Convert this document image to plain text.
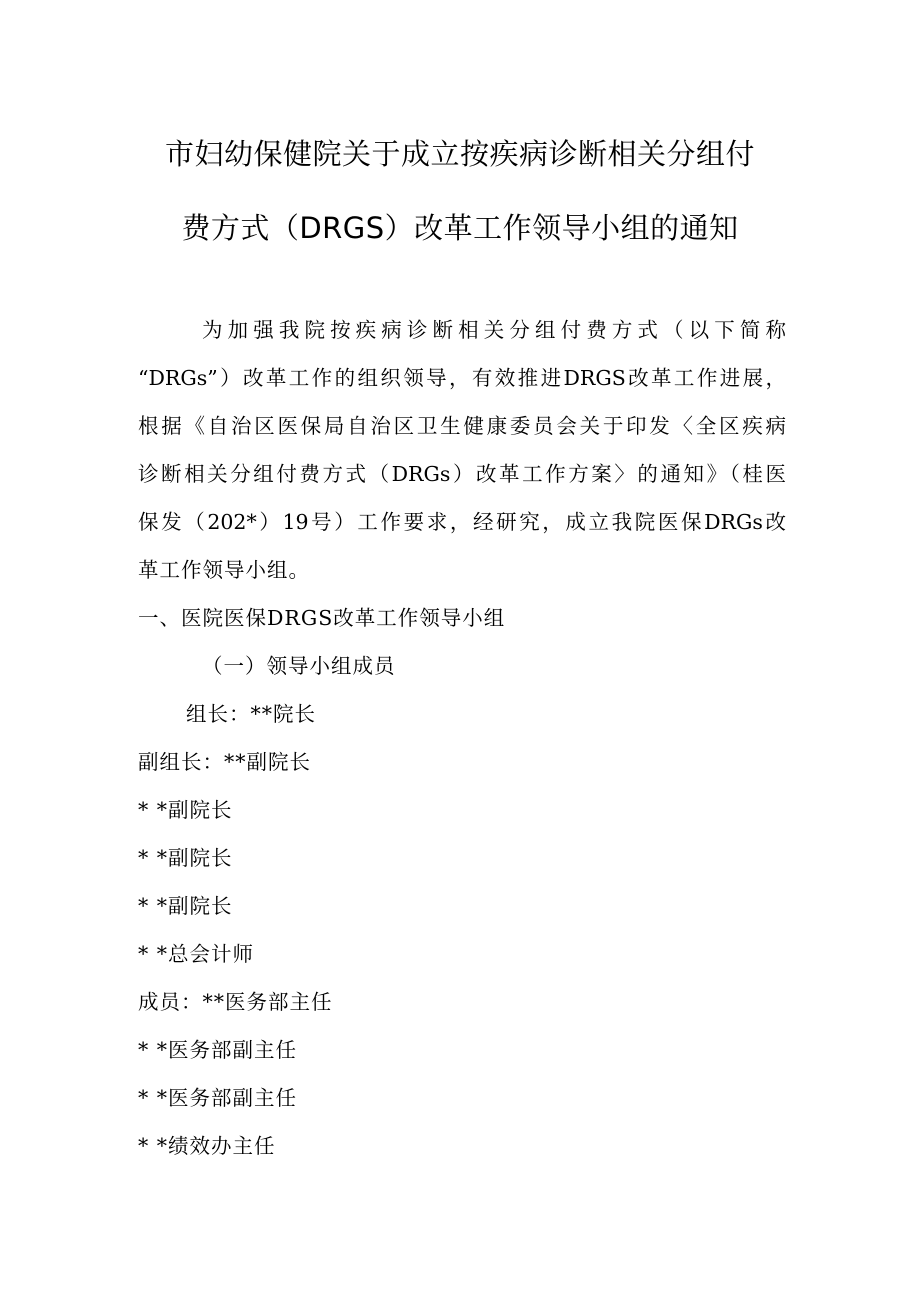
市妇幼保健院关于成立按疾病诊断相关分组付
费方式（DRGS）改革工作领导小组的通知
为加强我院按疾病诊断相关分组付费方式（以下简称
“DRGs”）改革工作的组织领导，有效推进DRGS改革工作进展，
根据《自治区医保局自治区卫生健康委员会关于印发〈全区疾病
诊断相关分组付费方式（DRGs）改革工作方案〉的通知》（桂医
保发（202*）19号）工作要求，经研究，成立我院医保DRGs改
革工作领导小组。
一、医院医保DRGS改革工作领导小组
（一）领导小组成员
组长：**院长
副组长：**副院长
* *副院长
* *副院长
* *副院长
* *总会计师
成员：**医务部主任
* *医务部副主任
* *医务部副主任
* *绩效办主任
